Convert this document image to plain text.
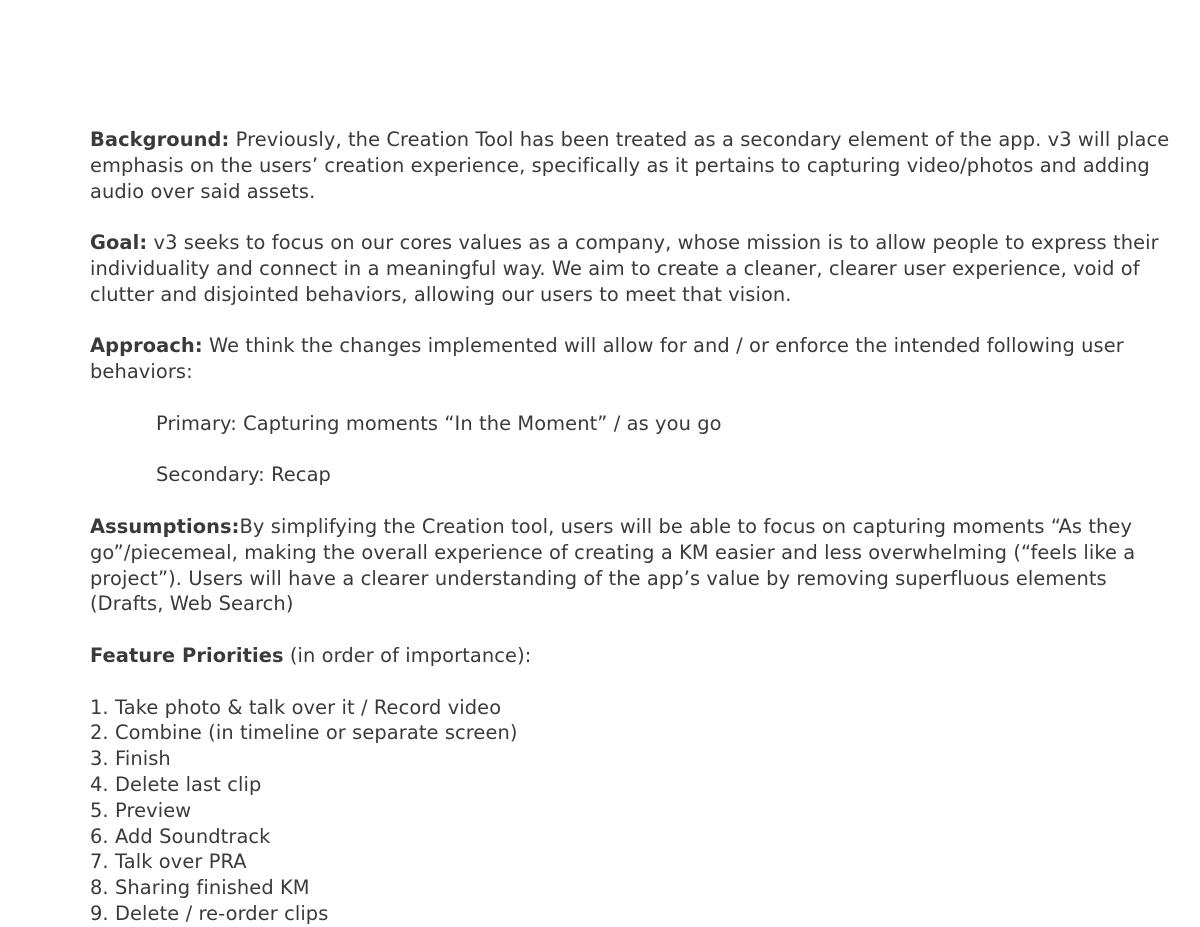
Background: Previously, the Creation Tool has been treated as a secondary element of the app. v3 will place emphasis on the users’ creation experience, specifically as it pertains to capturing video/photos and adding audio over said assets.

Goal: v3 seeks to focus on our cores values as a company, whose mission is to allow people to express their individuality and connect in a meaningful way. We aim to create a cleaner, clearer user experience, void of clutter and disjointed behaviors, allowing our users to meet that vision.

Approach: We think the changes implemented will allow for and / or enforce the intended following user behaviors:

Primary: Capturing moments “In the Moment” / as you go

Secondary: Recap

Assumptions:By simplifying the Creation tool, users will be able to focus on capturing moments “As they go”/piecemeal, making the overall experience of creating a KM easier and less overwhelming (“feels like a project”). Users will have a clearer understanding of the app’s value by removing superfluous elements (Drafts, Web Search)

Feature Priorities (in order of importance):

1. Take photo & talk over it / Record video
2. Combine (in timeline or separate screen)
3. Finish
4. Delete last clip
5. Preview
6. Add Soundtrack
7. Talk over PRA
8. Sharing finished KM
9. Delete / re-order clips
